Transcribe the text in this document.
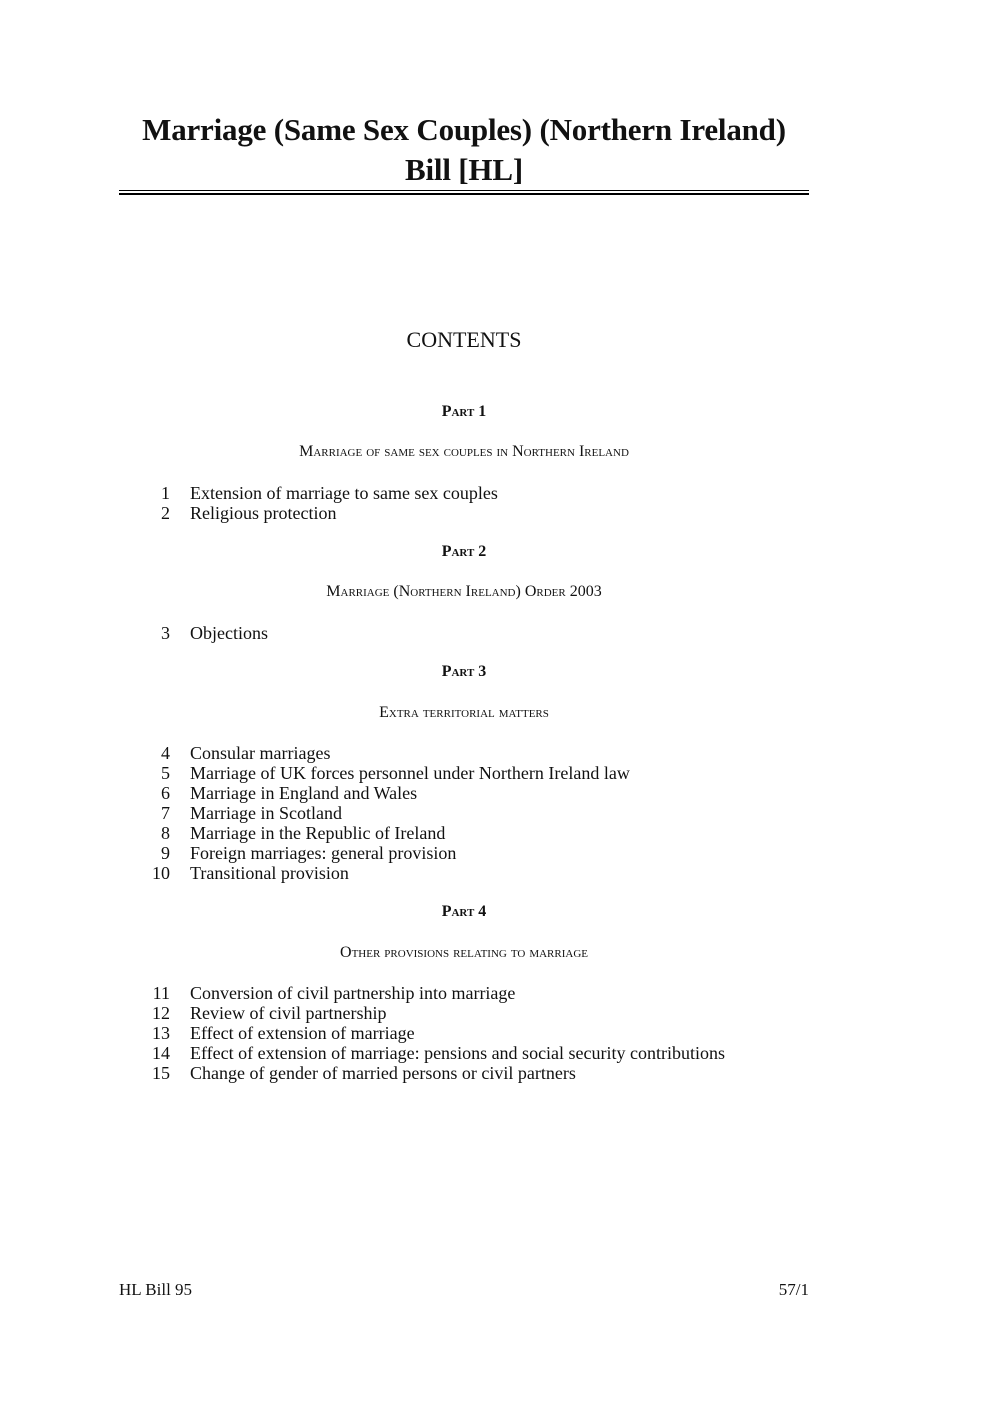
Marriage (Same Sex Couples) (Northern Ireland)

Bill [HL]

CONTENTS
Part 1
Marriage of same sex couples in Northern Ireland
1 Extension of marriage to same sex couples
2 Religious protection
Part 2
Marriage (Northern Ireland) Order 2003
3 Objections
Part 3
Extra territorial matters
4 Consular marriages
5 Marriage of UK forces personnel under Northern Ireland law
6 Marriage in England and Wales
7 Marriage in Scotland
8 Marriage in the Republic of Ireland
9 Foreign marriages: general provision
10 Transitional provision
Part 4
Other provisions relating to marriage
11 Conversion of civil partnership into marriage
12 Review of civil partnership
13 Effect of extension of marriage
14 Effect of extension of marriage: pensions and social security contributions
15 Change of gender of married persons or civil partners
HL Bill 95	57/1
